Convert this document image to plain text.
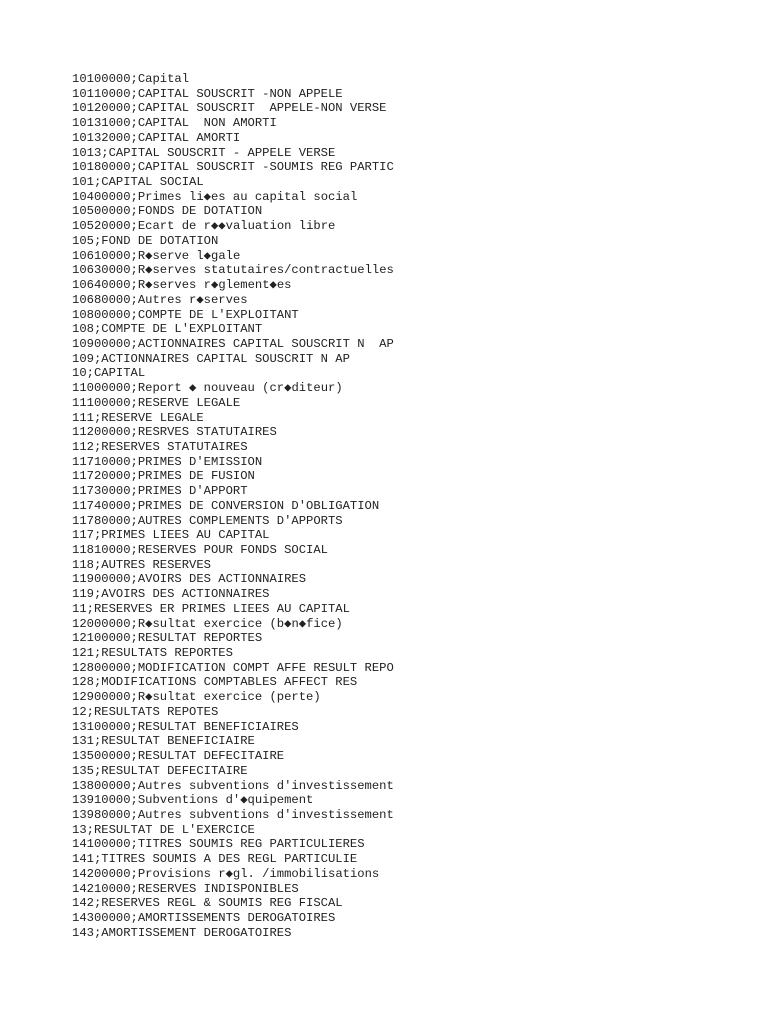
10100000;Capital
10110000;CAPITAL SOUSCRIT -NON APPELE
10120000;CAPITAL SOUSCRIT  APPELE-NON VERSE
10131000;CAPITAL  NON AMORTI
10132000;CAPITAL AMORTI
1013;CAPITAL SOUSCRIT - APPELE VERSE
10180000;CAPITAL SOUSCRIT -SOUMIS REG PARTIC
101;CAPITAL SOCIAL
10400000;Primes li◆es au capital social
10500000;FONDS DE DOTATION
10520000;Ecart de r◆◆valuation libre
105;FOND DE DOTATION
10610000;R◆serve l◆gale
10630000;R◆serves statutaires/contractuelles
10640000;R◆serves r◆glement◆es
10680000;Autres r◆serves
10800000;COMPTE DE L'EXPLOITANT
108;COMPTE DE L'EXPLOITANT
10900000;ACTIONNAIRES CAPITAL SOUSCRIT N  AP
109;ACTIONNAIRES CAPITAL SOUSCRIT N AP
10;CAPITAL
11000000;Report ◆ nouveau (cr◆diteur)
11100000;RESERVE LEGALE
111;RESERVE LEGALE
11200000;RESRVES STATUTAIRES
112;RESERVES STATUTAIRES
11710000;PRIMES D'EMISSION
11720000;PRIMES DE FUSION
11730000;PRIMES D'APPORT
11740000;PRIMES DE CONVERSION D'OBLIGATION
11780000;AUTRES COMPLEMENTS D'APPORTS
117;PRIMES LIEES AU CAPITAL
11810000;RESERVES POUR FONDS SOCIAL
118;AUTRES RESERVES
11900000;AVOIRS DES ACTIONNAIRES
119;AVOIRS DES ACTIONNAIRES
11;RESERVES ER PRIMES LIEES AU CAPITAL
12000000;R◆sultat exercice (b◆n◆fice)
12100000;RESULTAT REPORTES
121;RESULTATS REPORTES
12800000;MODIFICATION COMPT AFFE RESULT REPO
128;MODIFICATIONS COMPTABLES AFFECT RES
12900000;R◆sultat exercice (perte)
12;RESULTATS REPOTES
13100000;RESULTAT BENEFICIAIRES
131;RESULTAT BENEFICIAIRE
13500000;RESULTAT DEFECITAIRE
135;RESULTAT DEFECITAIRE
13800000;Autres subventions d'investissement
13910000;Subventions d'◆quipement
13980000;Autres subventions d'investissement
13;RESULTAT DE L'EXERCICE
14100000;TITRES SOUMIS REG PARTICULIERES
141;TITRES SOUMIS A DES REGL PARTICULIE
14200000;Provisions r◆gl. /immobilisations
14210000;RESERVES INDISPONIBLES
142;RESERVES REGL & SOUMIS REG FISCAL
14300000;AMORTISSEMENTS DEROGATOIRES
143;AMORTISSEMENT DEROGATOIRES
